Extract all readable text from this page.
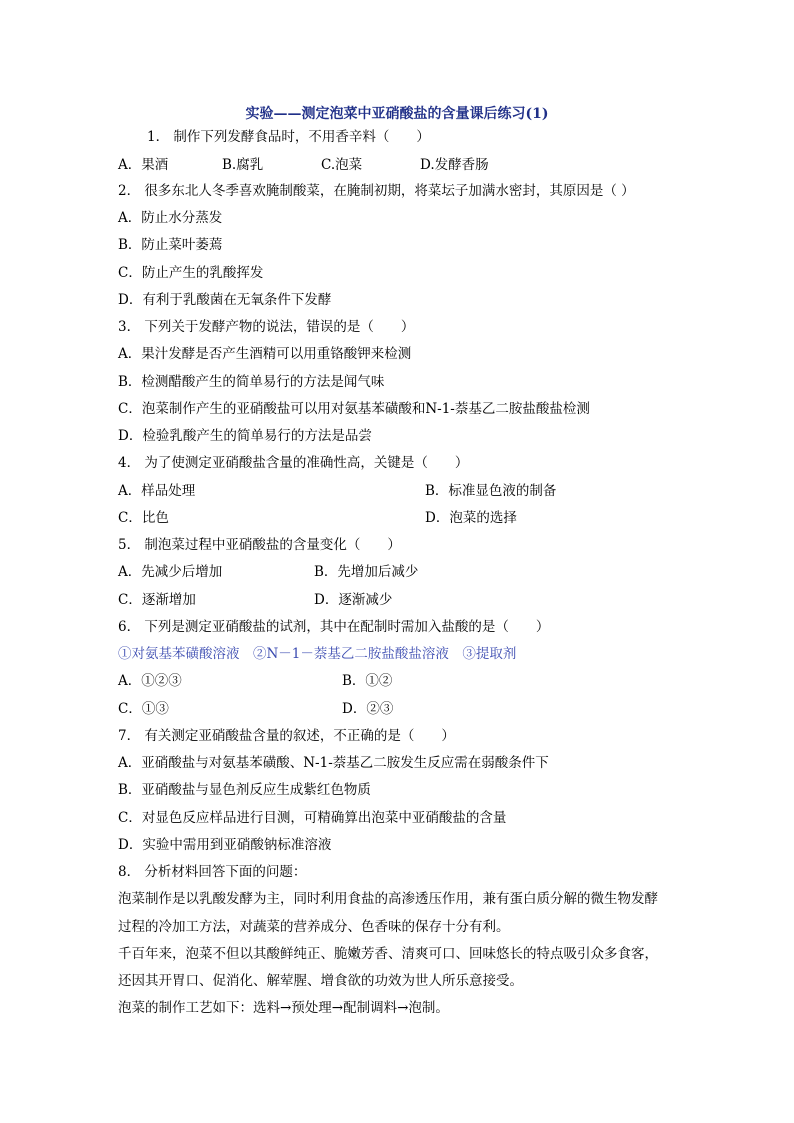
实验——测定泡菜中亚硝酸盐的含量课后练习(1)
1． 制作下列发酵食品时，不用香辛料（　　）
A．果酒	B.腐乳	C.泡菜	D.发酵香肠
2． 很多东北人冬季喜欢腌制酸菜，在腌制初期，将菜坛子加满水密封，其原因是（ ）
A．防止水分蒸发
B．防止菜叶萎蔫
C．防止产生的乳酸挥发
D．有利于乳酸菌在无氧条件下发酵
3． 下列关于发酵产物的说法，错误的是（　　）
A．果汁发酵是否产生酒精可以用重铬酸钾来检测
B．检测醋酸产生的简单易行的方法是闻气味
C．泡菜制作产生的亚硝酸盐可以用对氨基苯磺酸和N-1-萘基乙二胺盐酸盐检测
D．检验乳酸产生的简单易行的方法是品尝
4． 为了使测定亚硝酸盐含量的准确性高，关键是（　　）
A．样品处理	B．标准显色液的制备
C．比色	D．泡菜的选择
5． 制泡菜过程中亚硝酸盐的含量变化（　　）
A．先减少后增加	B．先增加后减少
C．逐渐增加	D．逐渐减少
6． 下列是测定亚硝酸盐的试剂，其中在配制时需加入盐酸的是（　　）
①对氨基苯磺酸溶液　②N－1－萘基乙二胺盐酸盐溶液　③提取剂
A．①②③	B．①②
C．①③	D．②③
7． 有关测定亚硝酸盐含量的叙述，不正确的是（　　）
A．亚硝酸盐与对氨基苯磺酸、N-1-萘基乙二胺发生反应需在弱酸条件下
B．亚硝酸盐与显色剂反应生成紫红色物质
C．对显色反应样品进行目测，可精确算出泡菜中亚硝酸盐的含量
D．实验中需用到亚硝酸钠标准溶液
8． 分析材料回答下面的问题：
泡菜制作是以乳酸发酵为主，同时利用食盐的高渗透压作用，兼有蛋白质分解的微生物发酵
过程的冷加工方法，对蔬菜的营养成分、色香味的保存十分有利。
千百年来，泡菜不但以其酸鲜纯正、脆嫩芳香、清爽可口、回味悠长的特点吸引众多食客，
还因其开胃口、促消化、解荤腥、增食欲的功效为世人所乐意接受。
泡菜的制作工艺如下：选料→预处理→配制调料→泡制。
